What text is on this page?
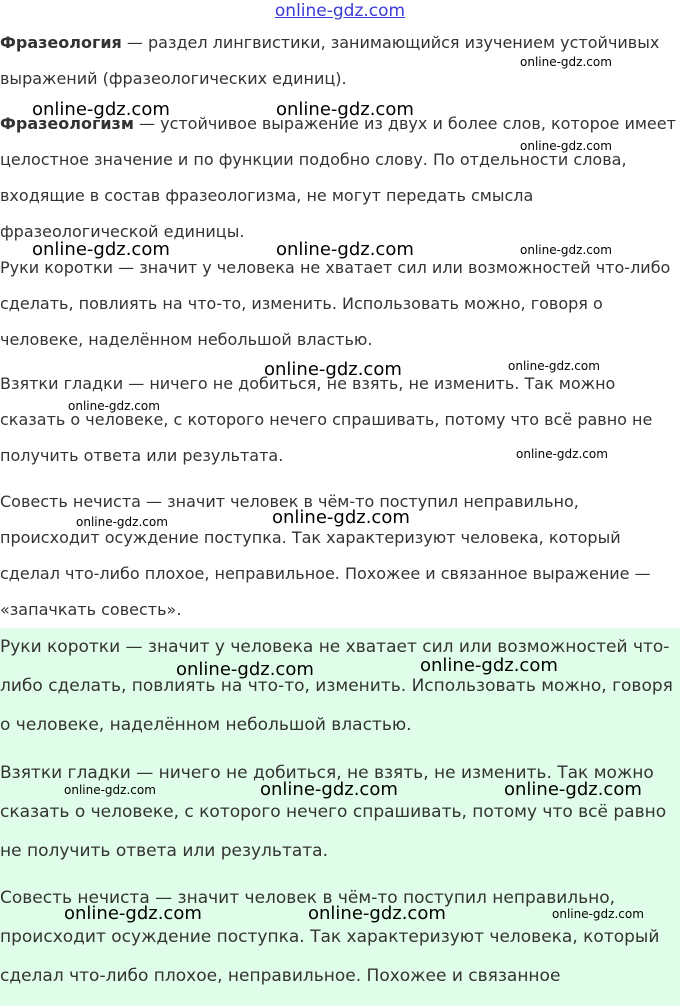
Фразеология — раздел лингвистики, занимающийся изучением устойчивых выражений (фразеологических единиц).

Фразеологизм — устойчивое выражение из двух и более слов, которое имеет целостное значение и по функции подобно слову. По отдельности слова, входящие в состав фразеологизма, не могут передать смысла фразеологической единицы.

Руки коротки — значит у человека не хватает сил или возможностей что-либо сделать, повлиять на что-то, изменить. Использовать можно, говоря о человеке, наделённом небольшой властью.

Взятки гладки — ничего не добиться, не взять, не изменить. Так можно сказать о человеке, с которого нечего спрашивать, потому что всё равно не получить ответа или результата.

Совесть нечиста — значит человек в чём-то поступил неправильно, происходит осуждение поступка. Так характеризуют человека, который сделал что-либо плохое, неправильное. Похожее и связанное выражение — «запачкать совесть».

Руки коротки — значит у человека не хватает сил или возможностей что-либо сделать, повлиять на что-то, изменить. Использовать можно, говоря о человеке, наделённом небольшой властью.

Взятки гладки — ничего не добиться, не взять, не изменить. Так можно сказать о человеке, с которого нечего спрашивать, потому что всё равно не получить ответа или результата.

Совесть нечиста — значит человек в чём-то поступил неправильно, происходит осуждение поступка. Так характеризуют человека, который сделал что-либо плохое, неправильное. Похожее и связанное

online-gdz.com
online-gdz.com
online-gdz.com	online-gdz.com
online-gdz.com
online-gdz.com	online-gdz.com	online-gdz.com
online-gdz.com	online-gdz.com
online-gdz.com
online-gdz.com
online-gdz.com
online-gdz.com
online-gdz.com
online-gdz.com
online-gdz.com	online-gdz.com
online-gdz.com
online-gdz.com	online-gdz.com	online-gdz.com
